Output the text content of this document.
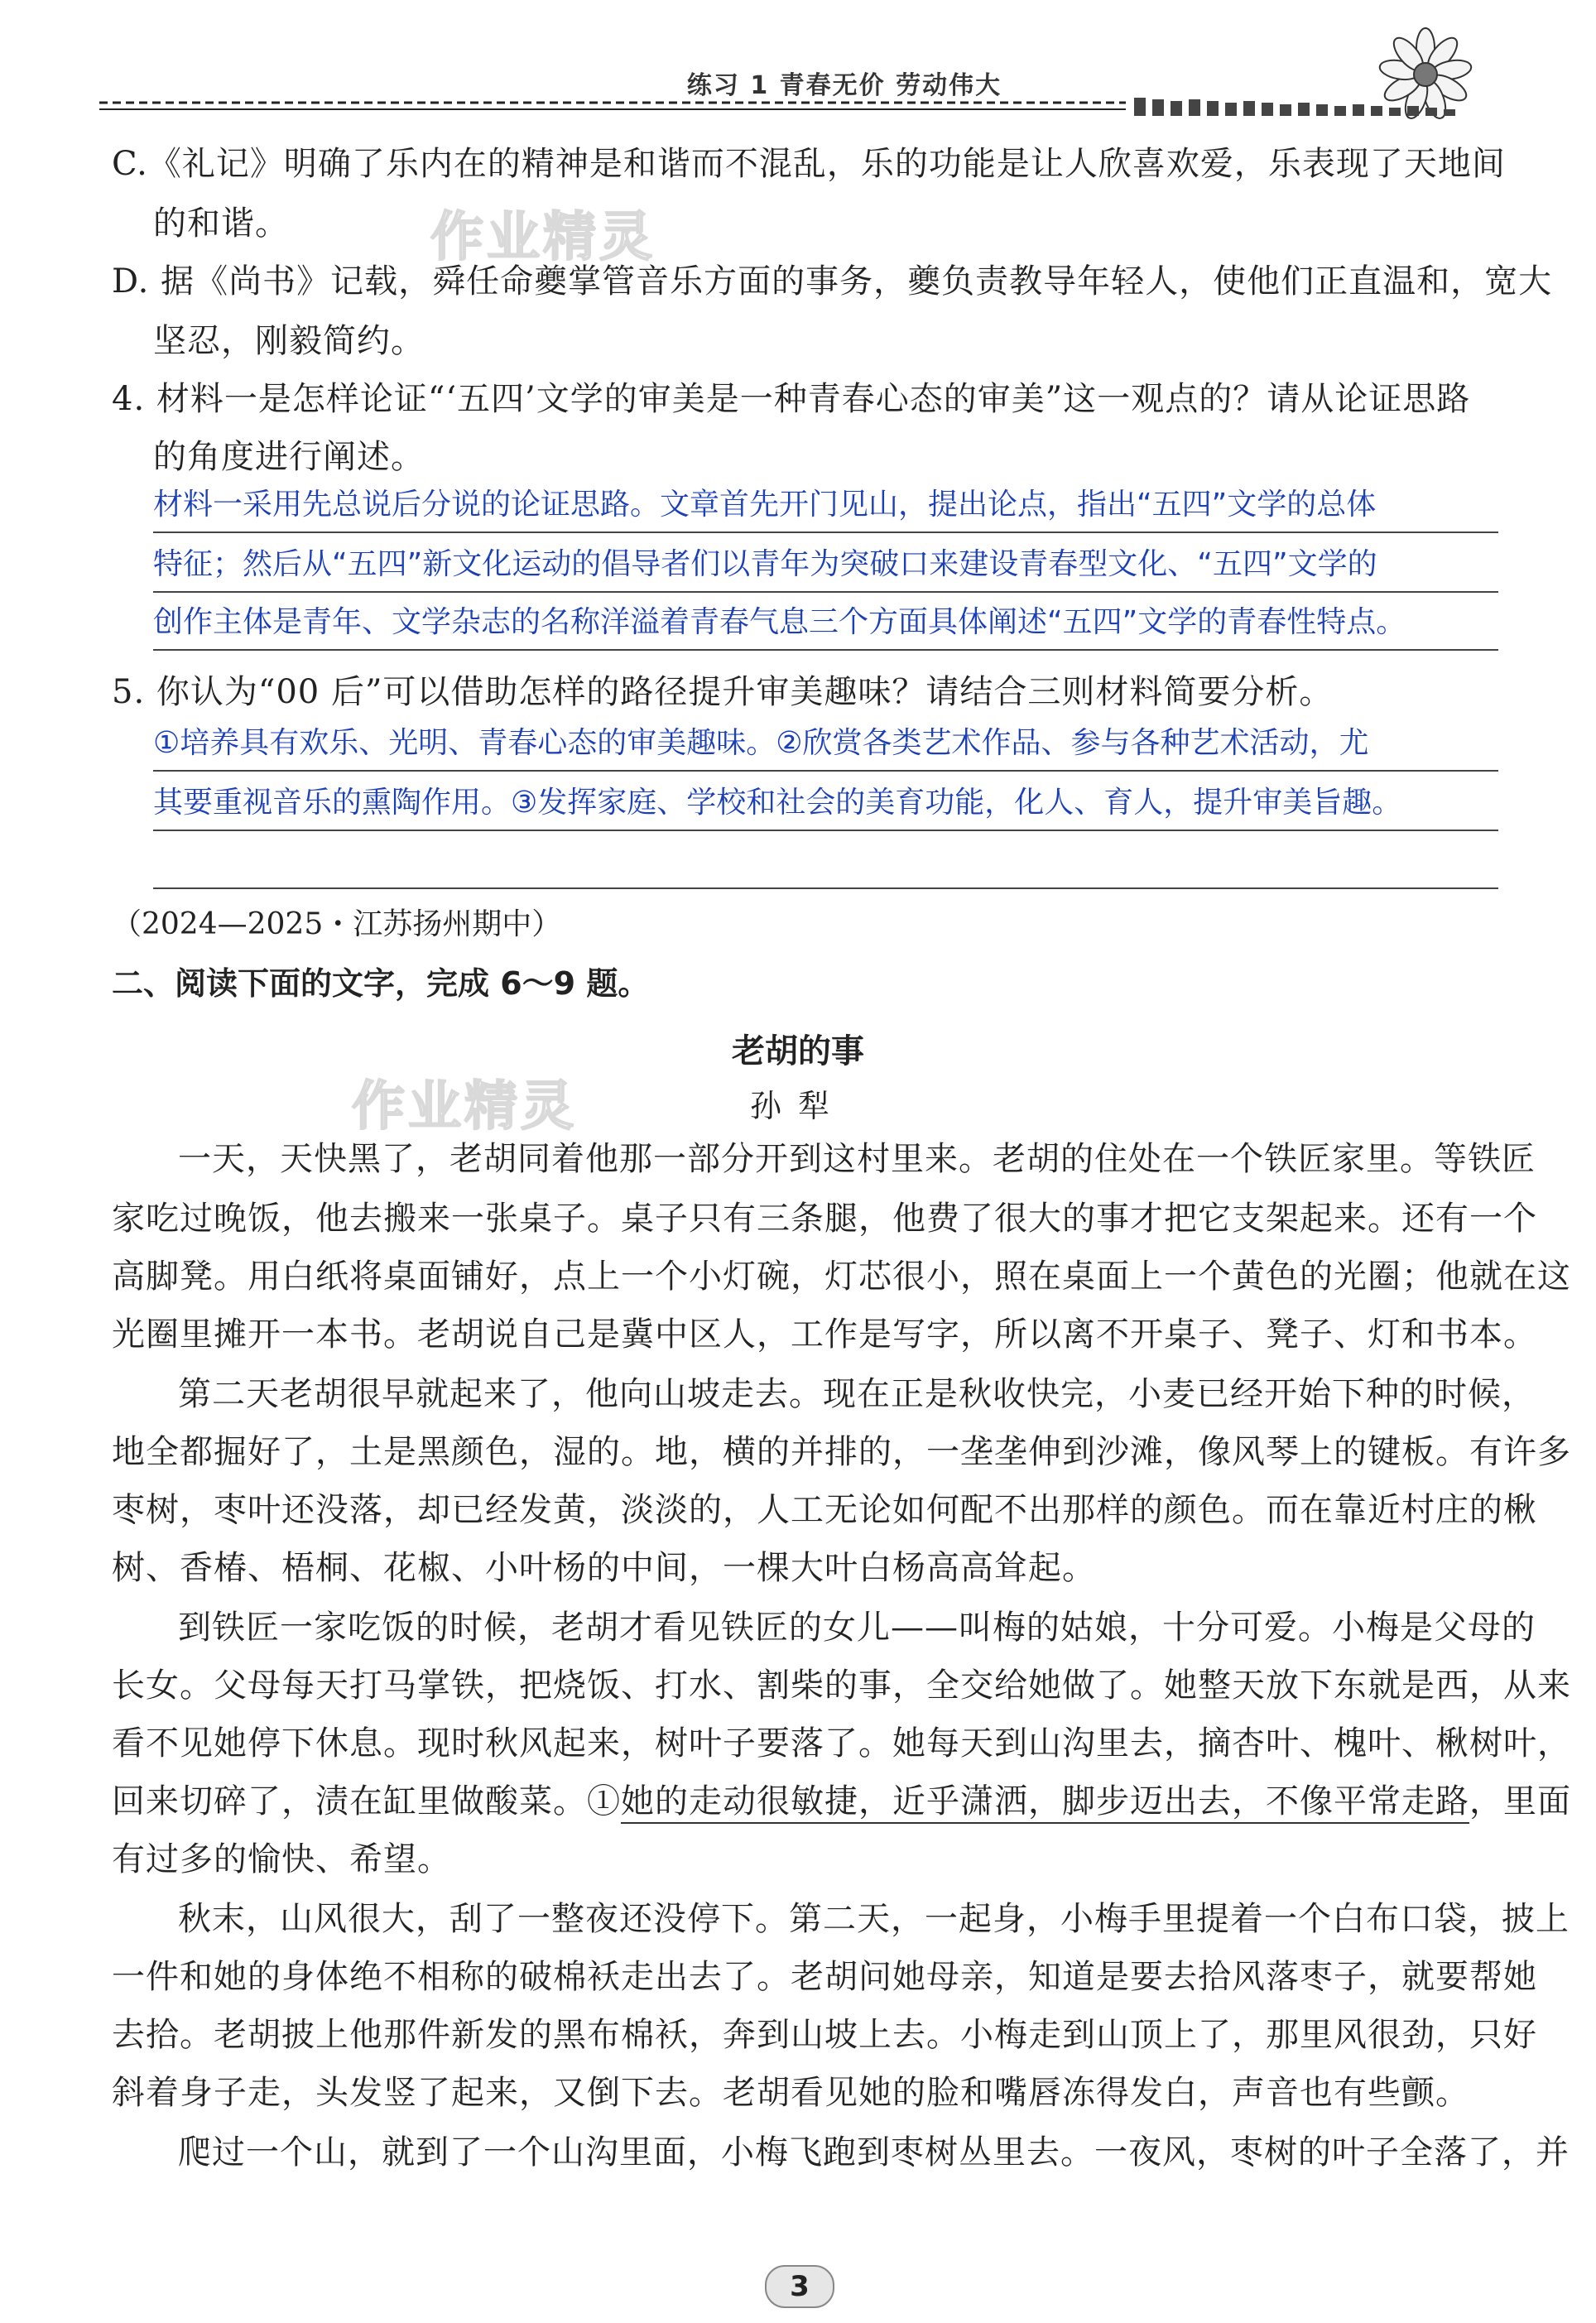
练习 1 青春无价 劳动伟大
C.《礼记》明确了乐内在的精神是和谐而不混乱，乐的功能是让人欣喜欢爱，乐表现了天地间
的和谐。
D. 据《尚书》记载，舜任命夔掌管音乐方面的事务，夔负责教导年轻人，使他们正直温和，宽大
坚忍，刚毅简约。
作业精灵
4. 材料一是怎样论证“‘五四’文学的审美是一种青春心态的审美”这一观点的？请从论证思路
的角度进行阐述。
材料一采用先总说后分说的论证思路。文章首先开门见山，提出论点，指出“五四”文学的总体
特征；然后从“五四”新文化运动的倡导者们以青年为突破口来建设青春型文化、“五四”文学的
创作主体是青年、文学杂志的名称洋溢着青春气息三个方面具体阐述“五四”文学的青春性特点。
5. 你认为“00 后”可以借助怎样的路径提升审美趣味？请结合三则材料简要分析。
①培养具有欢乐、光明、青春心态的审美趣味。②欣赏各类艺术作品、参与各种艺术活动，尤
其要重视音乐的熏陶作用。③发挥家庭、学校和社会的美育功能，化人、育人，提升审美旨趣。
（2024—2025・江苏扬州期中）
二、阅读下面的文字，完成 6～9 题。
老胡的事
孙犁
作业精灵
一天，天快黑了，老胡同着他那一部分开到这村里来。老胡的住处在一个铁匠家里。等铁匠
家吃过晚饭，他去搬来一张桌子。桌子只有三条腿，他费了很大的事才把它支架起来。还有一个
高脚凳。用白纸将桌面铺好，点上一个小灯碗，灯芯很小，照在桌面上一个黄色的光圈；他就在这
光圈里摊开一本书。老胡说自己是冀中区人，工作是写字，所以离不开桌子、凳子、灯和书本。
第二天老胡很早就起来了，他向山坡走去。现在正是秋收快完，小麦已经开始下种的时候，
地全都掘好了，土是黑颜色，湿的。地，横的并排的，一垄垄伸到沙滩，像风琴上的键板。有许多
枣树，枣叶还没落，却已经发黄，淡淡的，人工无论如何配不出那样的颜色。而在靠近村庄的楸
树、香椿、梧桐、花椒、小叶杨的中间，一棵大叶白杨高高耸起。
到铁匠一家吃饭的时候，老胡才看见铁匠的女儿——叫梅的姑娘，十分可爱。小梅是父母的
长女。父母每天打马掌铁，把烧饭、打水、割柴的事，全交给她做了。她整天放下东就是西，从来
看不见她停下休息。现时秋风起来，树叶子要落了。她每天到山沟里去，摘杏叶、槐叶、楸树叶，
回来切碎了，渍在缸里做酸菜。①她的走动很敏捷，近乎潇洒，脚步迈出去，不像平常走路，里面
有过多的愉快、希望。
秋末，山风很大，刮了一整夜还没停下。第二天，一起身，小梅手里提着一个白布口袋，披上
一件和她的身体绝不相称的破棉袄走出去了。老胡问她母亲，知道是要去拾风落枣子，就要帮她
去拾。老胡披上他那件新发的黑布棉袄，奔到山坡上去。小梅走到山顶上了，那里风很劲，只好
斜着身子走，头发竖了起来，又倒下去。老胡看见她的脸和嘴唇冻得发白，声音也有些颤。
爬过一个山，就到了一个山沟里面，小梅飞跑到枣树丛里去。一夜风，枣树的叶子全落了，并
3
